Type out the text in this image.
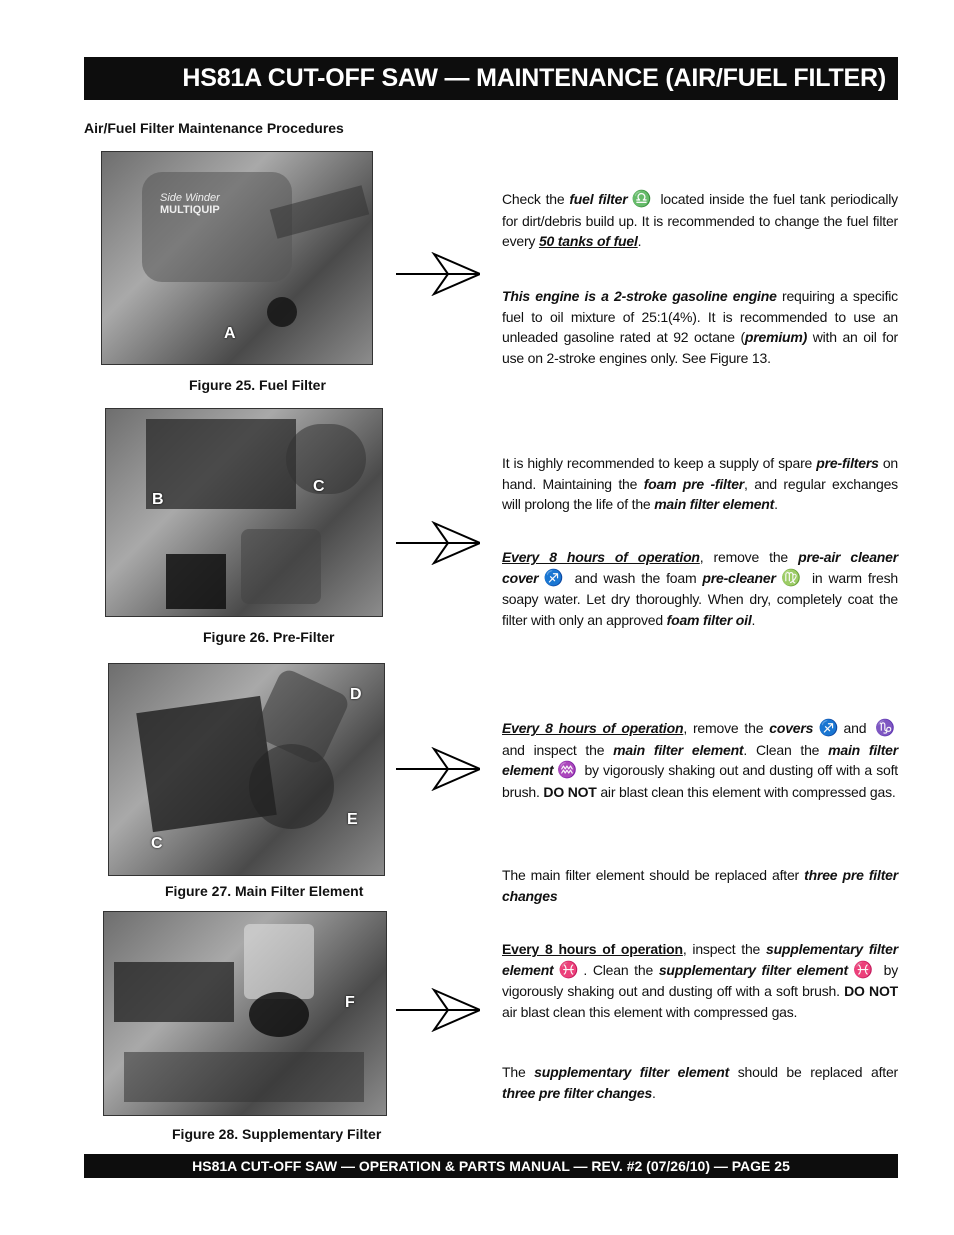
HS81A CUT-OFF SAW — MAINTENANCE (AIR/FUEL FILTER)
Air/Fuel Filter Maintenance Procedures
Side Winder
MULTIQUIP
A
Figure 25. Fuel Filter
B
C
Figure 26. Pre-Filter
D
E
C
Figure 27. Main Filter Element
F
Figure 28. Supplementary Filter

Check the fuel filter ♎ located inside the fuel tank periodically for dirt/debris build up. It is recommended to change the fuel filter every 50 tanks of fuel.

This engine is a 2-stroke gasoline engine requiring a specific fuel to oil mixture of 25:1(4%). It is recommended to use an unleaded gasoline rated at 92 octane (premium) with an oil for use on 2-stroke engines only. See Figure 13.

It is highly recommended to keep a supply of spare pre-filters on hand. Maintaining the foam pre -filter, and regular exchanges will prolong the life of the main filter element.

Every 8 hours of operation, remove the pre-air cleaner cover ♐ and wash the foam pre-cleaner ♍ in warm fresh soapy water. Let dry thoroughly. When dry, completely coat the filter with only an approved foam filter oil.

Every 8 hours of operation, remove the covers ♐ and ♑ and inspect the main filter element. Clean the main filter element ♒ by vigorously shaking out and dusting off with a soft brush. DO NOT air blast clean this element with compressed gas.

The main filter element should be replaced after three pre filter changes

Every 8 hours of operation, inspect the supplementary filter element ♓ . Clean the supplementary filter element ♓ by vigorously shaking out and dusting off with a soft brush. DO NOT air blast clean this element with compressed gas.

The supplementary filter element should be replaced after three pre filter changes.

HS81A CUT-OFF SAW — OPERATION & PARTS MANUAL — REV. #2 (07/26/10) — PAGE 25
